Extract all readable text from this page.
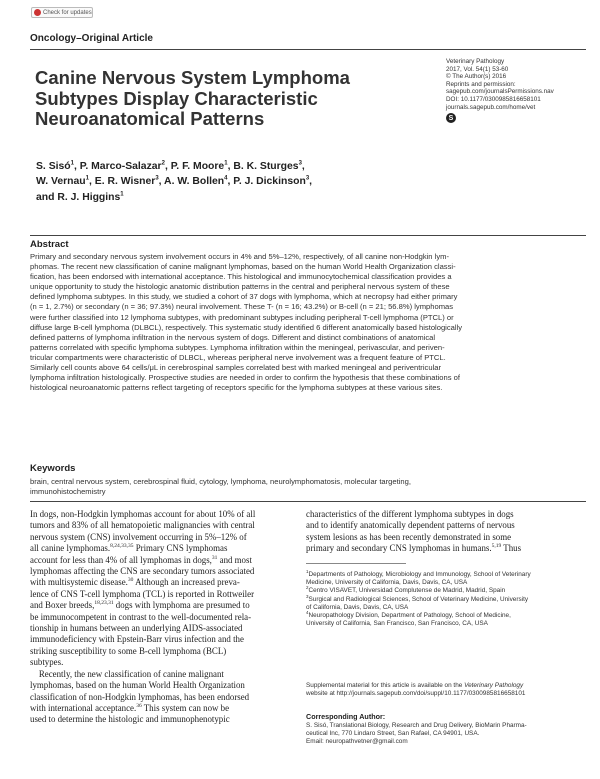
Check for updates
Oncology–Original Article
Veterinary Pathology
2017, Vol. 54(1) 53-60
© The Author(s) 2016
Reprints and permission:
sagepub.com/journalsPermissions.nav
DOI: 10.1177/0300985816658101
journals.sagepub.com/home/vet
S
Canine Nervous System Lymphoma
Subtypes Display Characteristic
Neuroanatomical Patterns
S. Sisó$^1$, P. Marco-Salazar$^2$, P. F. Moore$^1$, B. K. Sturges$^3$,
W. Vernau$^1$, E. R. Wisner$^3$, A. W. Bollen$^4$, P. J. Dickinson$^3$,
and R. J. Higgins$^1$
Abstract
Primary and secondary nervous system involvement occurs in 4% and 5%–12%, respectively, of all canine non-Hodgkin lym-
phomas. The recent new classification of canine malignant lymphomas, based on the human World Health Organization classi-
fication, has been endorsed with international acceptance. This histological and immunocytochemical classification provides a
unique opportunity to study the histologic anatomic distribution patterns in the central and peripheral nervous system of these
defined lymphoma subtypes. In this study, we studied a cohort of 37 dogs with lymphoma, which at necropsy had either primary
(n = 1, 2.7%) or secondary (n = 36; 97.3%) neural involvement. These T- (n = 16; 43.2%) or B-cell (n = 21; 56.8%) lymphomas
were further classified into 12 lymphoma subtypes, with predominant subtypes including peripheral T-cell lymphoma (PTCL) or
diffuse large B-cell lymphoma (DLBCL), respectively. This systematic study identified 6 different anatomically based histologically
defined patterns of lymphoma infiltration in the nervous system of dogs. Different and distinct combinations of anatomical
patterns correlated with specific lymphoma subtypes. Lymphoma infiltration within the meningeal, perivascular, and periven-
tricular compartments were characteristic of DLBCL, whereas peripheral nerve involvement was a frequent feature of PTCL.
Similarly cell counts above 64 cells/μL in cerebrospinal samples correlated best with marked meningeal and periventricular
lymphoma infiltration histologically. Prospective studies are needed in order to confirm the hypothesis that these combinations of
histological neuroanatomic patterns reflect targeting of receptors specific for the lymphoma subtypes at these various sites.
Keywords
brain, central nervous system, cerebrospinal fluid, cytology, lymphoma, neurolymphomatosis, molecular targeting,
immunohistochemistry
In dogs, non-Hodgkin lymphomas account for about 10% of all
tumors and 83% of all hematopoietic malignancies with central
nervous system (CNS) involvement occurring in 5%–12% of
all canine lymphomas.$^{8,24,33,35}$ Primary CNS lymphomas
account for less than 4% of all lymphomas in dogs,$^{31}$ and most
lymphomas affecting the CNS are secondary tumors associated
with multisystemic disease.$^{30}$ Although an increased preva-
lence of CNS T-cell lymphoma (TCL) is reported in Rottweiler
and Boxer breeds,$^{18,23,31}$ dogs with lymphoma are presumed to
be immunocompetent in contrast to the well-documented rela-
tionship in humans between an underlying AIDS-associated
immunodeficiency with Epstein-Barr virus infection and the
striking susceptibility to some B-cell lymphoma (BCL)
subtypes.
Recently, the new classification of canine malignant
lymphomas, based on the human World Health Organization
classification of non-Hodgkin lymphomas, has been endorsed
with international acceptance.$^{36}$ This system can now be
used to determine the histologic and immunophenotypic
characteristics of the different lymphoma subtypes in dogs
and to identify anatomically dependent patterns of nervous
system lesions as has been recently demonstrated in some
primary and secondary CNS lymphomas in humans.$^{5,19}$ Thus
$^1$Departments of Pathology, Microbiology and Immunology, School of Veterinary
Medicine, University of California, Davis, Davis, CA, USA
$^2$Centro VISAVET, Universidad Complutense de Madrid, Madrid, Spain
$^3$Surgical and Radiological Sciences, School of Veterinary Medicine, University
of California, Davis, Davis, CA, USA
$^4$Neuropathology Division, Department of Pathology, School of Medicine,
University of California, San Francisco, San Francisco, CA, USA
Supplemental material for this article is available on the Veterinary Pathology
website at http://journals.sagepub.com/doi/suppl/10.1177/0300985816658101
Corresponding Author:
S. Sisó, Translational Biology, Research and Drug Delivery, BioMarin Pharma-
ceutical Inc, 770 Lindaro Street, San Rafael, CA 94901, USA.
Email: neuropathvetner@gmail.com
